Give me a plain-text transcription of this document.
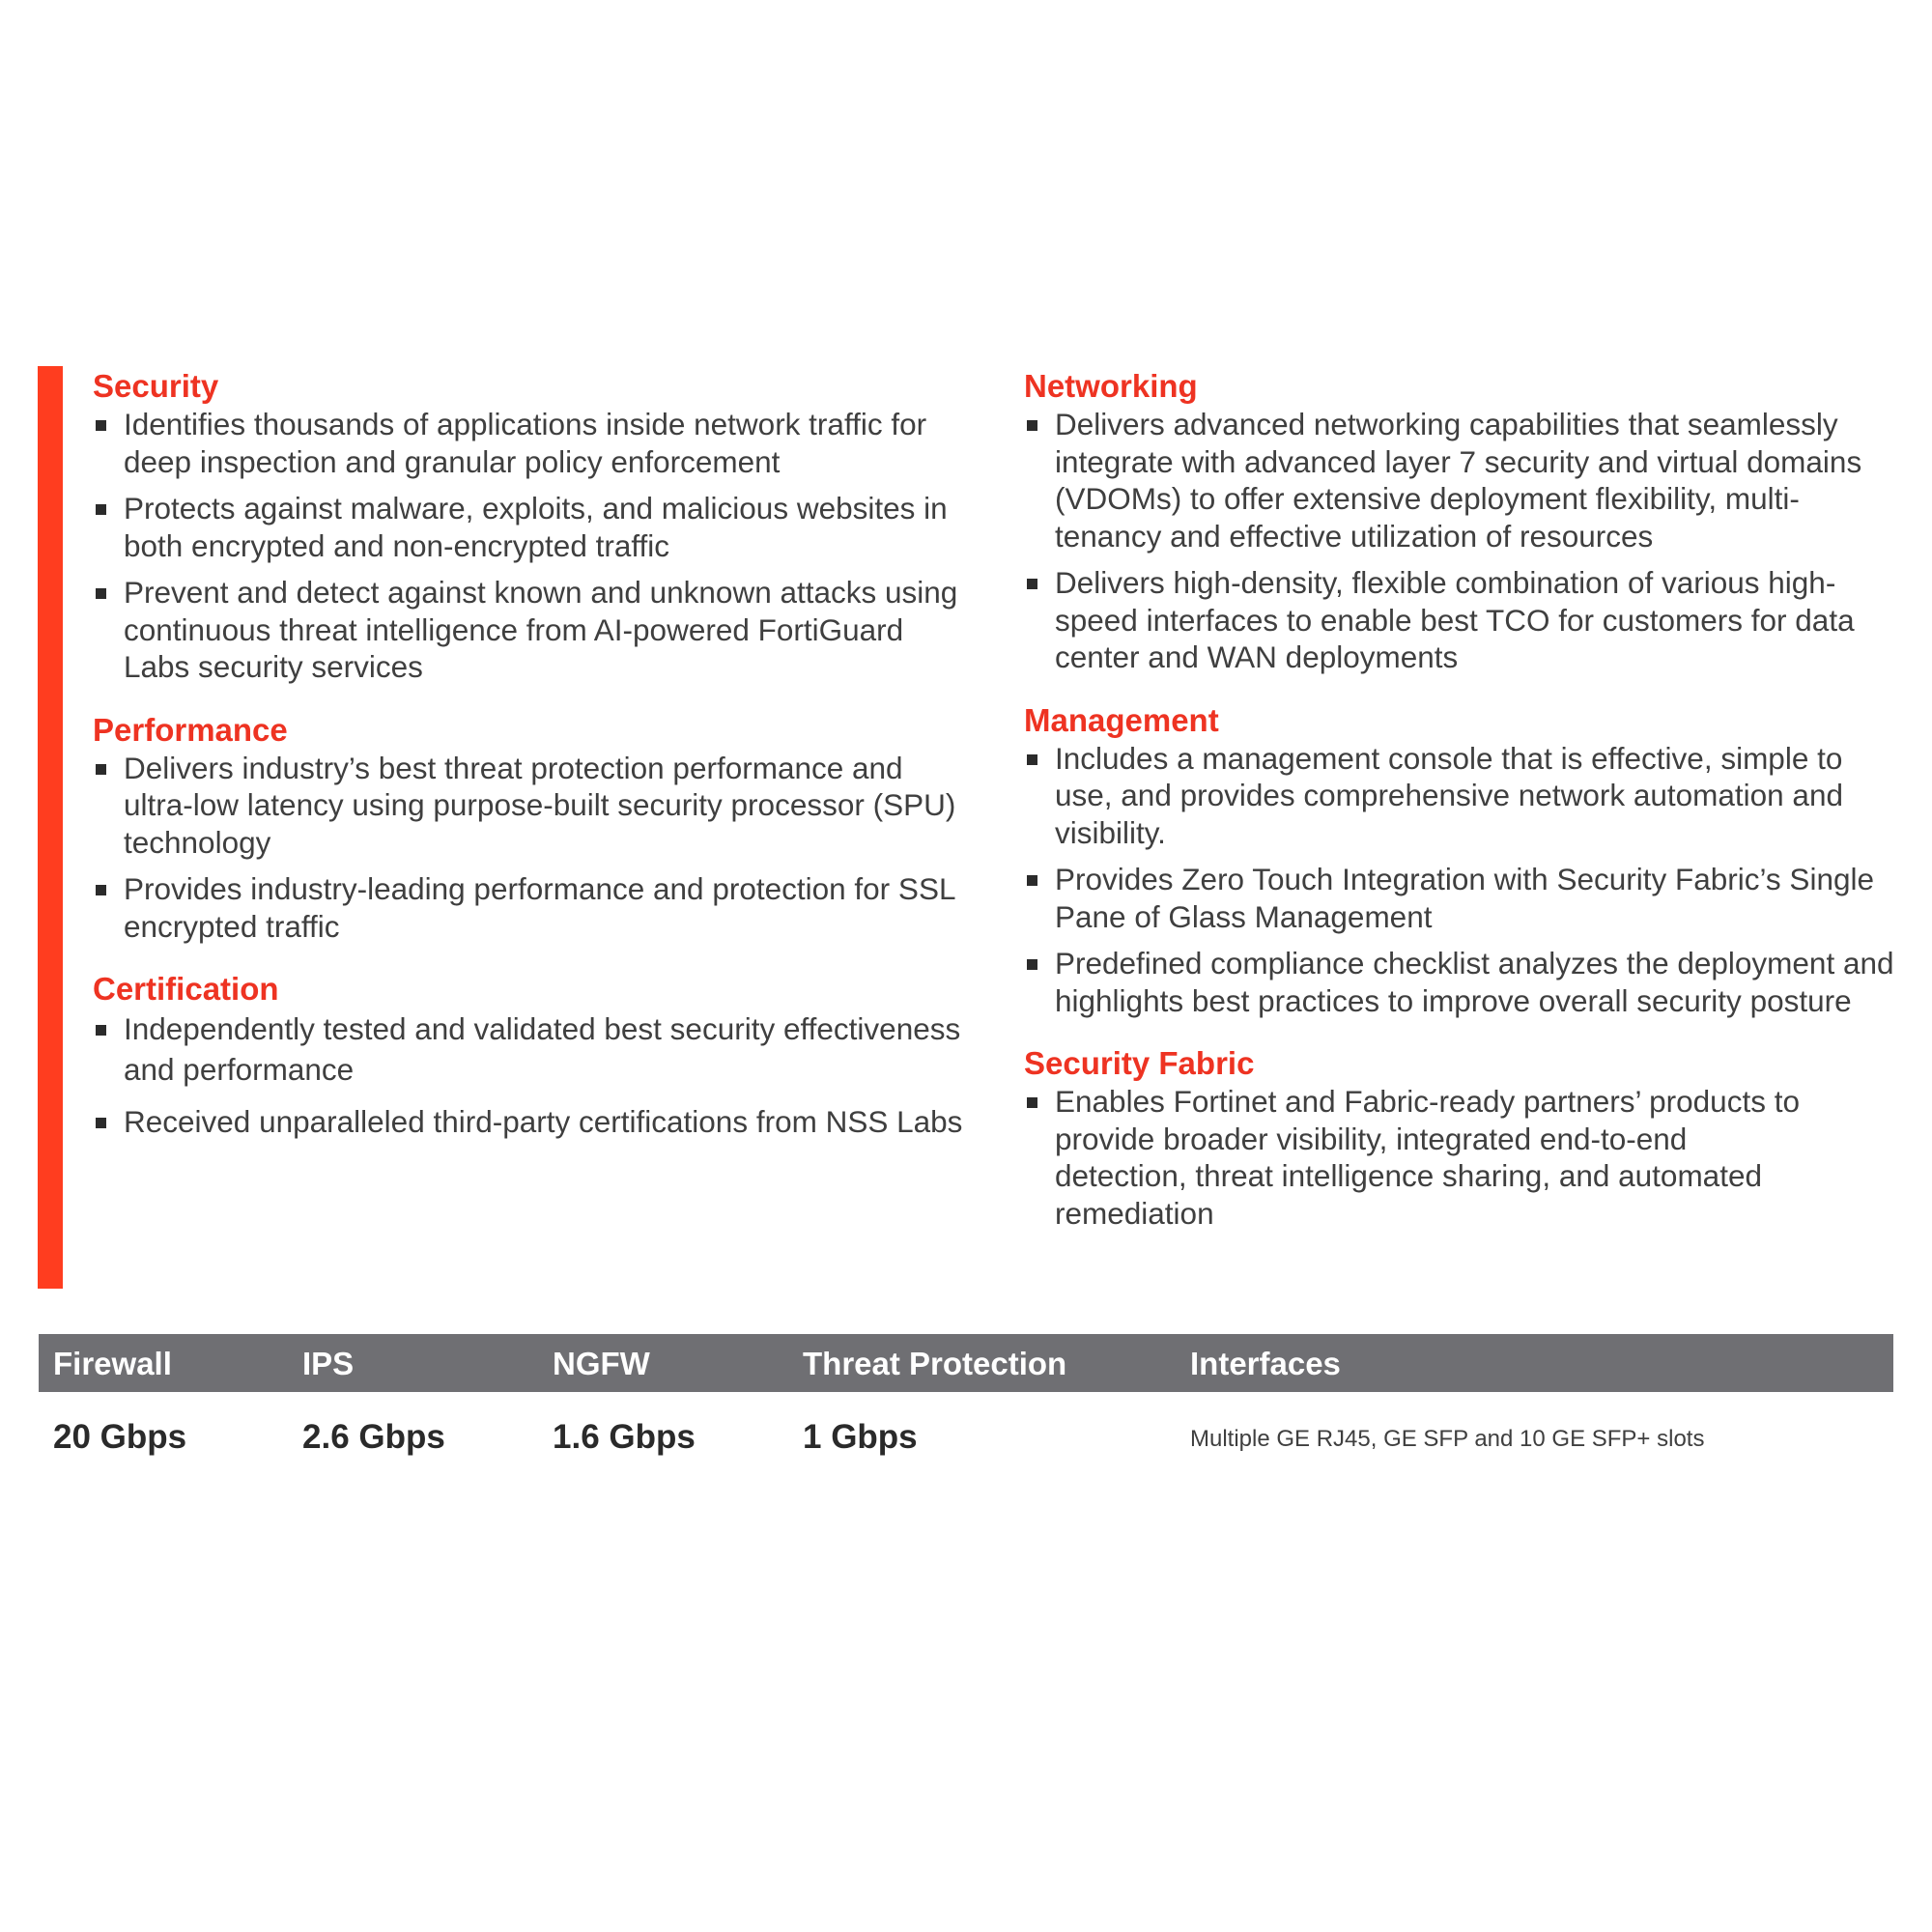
Security
Identifies thousands of applications inside network traffic for deep inspection and granular policy enforcement
Protects against malware, exploits, and malicious websites in both encrypted and non-encrypted traffic
Prevent and detect against known and unknown attacks using continuous threat intelligence from AI-powered FortiGuard Labs security services
Performance
Delivers industry’s best threat protection performance and ultra-low latency using purpose-built security processor (SPU) technology
Provides industry-leading performance and protection for SSL encrypted traffic
Certification
Independently tested and validated best security effectiveness and performance
Received unparalleled third-party certifications from NSS Labs
Networking
Delivers advanced networking capabilities that seamlessly integrate with advanced layer 7 security and virtual domains (VDOMs) to offer extensive deployment flexibility, multi-tenancy and effective utilization of resources
Delivers high-density, flexible combination of various high-speed interfaces to enable best TCO for customers for data center and WAN deployments
Management
Includes a management console that is effective, simple to use, and provides comprehensive network automation and visibility.
Provides Zero Touch Integration with Security Fabric’s Single Pane of Glass Management
Predefined compliance checklist analyzes the deployment and highlights best practices to improve overall security posture
Security Fabric
Enables Fortinet and Fabric-ready partners’ products to provide broader visibility, integrated end-to-end detection, threat intelligence sharing, and automated remediation
Firewall	IPS	NGFW	Threat Protection	Interfaces
20 Gbps	2.6 Gbps	1.6 Gbps	1 Gbps	Multiple GE RJ45, GE SFP and 10 GE SFP+ slots
